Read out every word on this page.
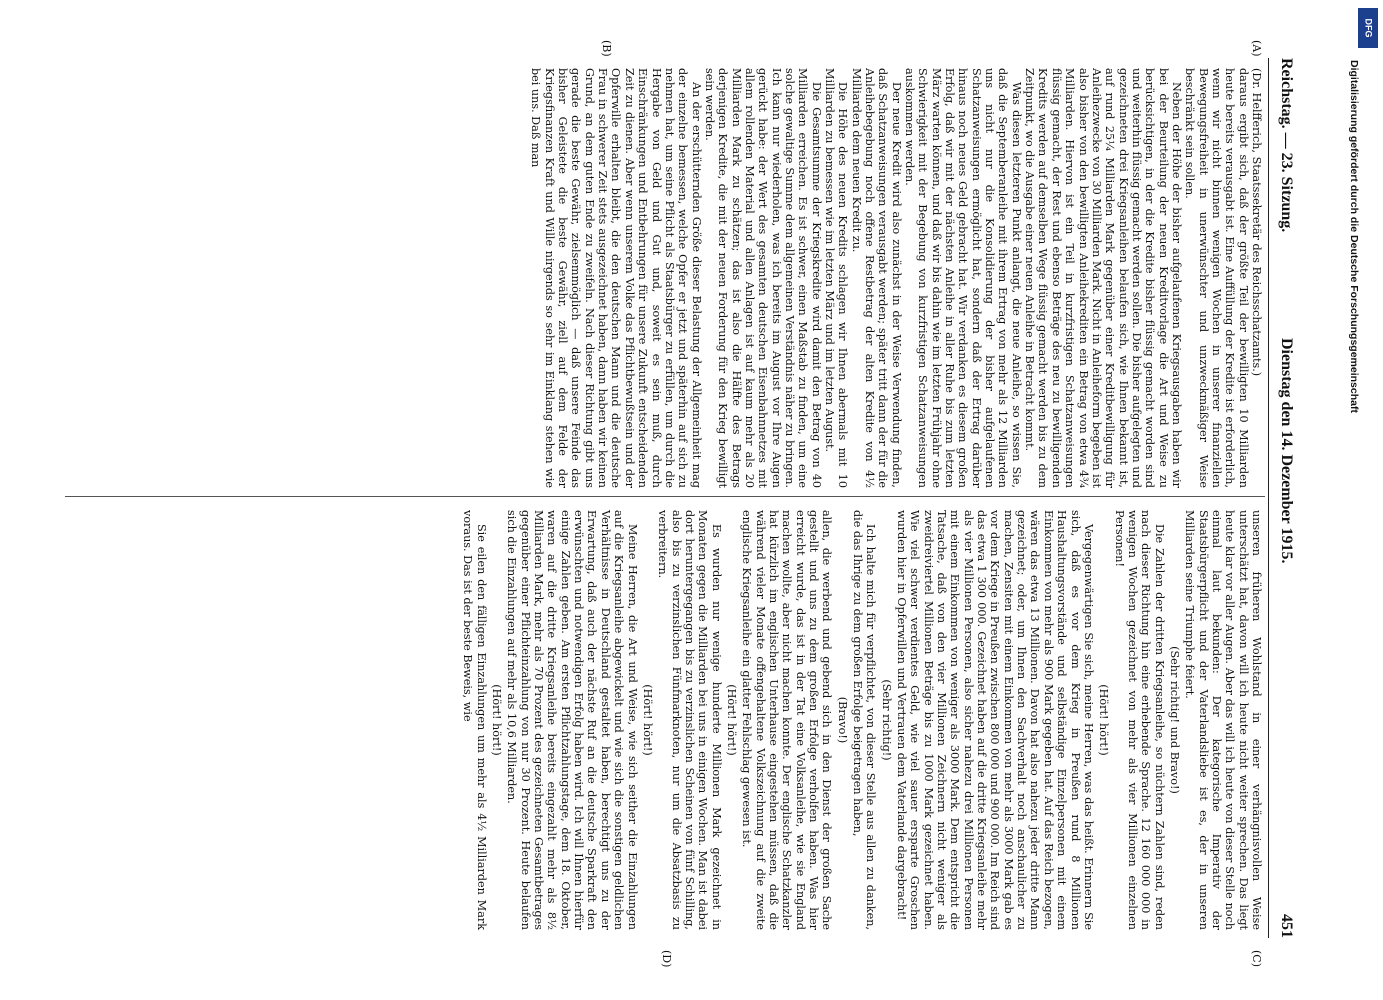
Reichstag. — 23. Sitzung.
Dienstag den 14. Dezember 1915.
451
(A)
(B)
(C)
(D)

(Dr. Helfferich, Staatssekretär des Reichsschatzamts.)

daraus ergibt sich, daß der größte Teil der bewilligten 10 Milliarden heute bereits verausgabt ist. Eine Auffüllung der Kredite ist erforderlich, wenn wir nicht binnen wenigen Wochen in unserer finanziellen Bewegungsfreiheit in unerwünschter und unzweckmäßiger Weise beschränkt sein sollen.

Neben der Höhe der bisher aufgelaufenen Kriegsausgaben haben wir bei der Beurteilung der neuen Kreditvorlage die Art und Weise zu berücksichtigen, in der die Kredite bisher flüssig gemacht worden sind und weiterhin flüssig gemacht werden sollen. Die bisher aufgelegten und gezeichneten drei Kriegsanleihen belaufen sich, wie Ihnen bekannt ist, auf rund 25¼ Milliarden Mark gegenüber einer Kreditbewilligung für Anleihezwecke von 30 Milliarden Mark. Nicht in Anleiheform begeben ist also bisher von den bewilligten Anleihekrediten ein Betrag von etwa 4¾ Milliarden. Hiervon ist ein Teil in kurzfristigen Schatzanweisungen flüssig gemacht, der Rest und ebenso Beträge des neu zu bewilligenden Kredits werden auf demselben Wege flüssig gemacht werden bis zu dem Zeitpunkt, wo die Ausgabe einer neuen Anleihe in Betracht kommt.

Was diesen letzteren Punkt anlangt, die neue Anleihe, so wissen Sie, daß die Septemberanleihe mit ihrem Ertrag von mehr als 12 Milliarden uns nicht nur die Konsolidierung der bisher aufgelaufenen Schatzanweisungen ermöglicht hat, sondern daß der Ertrag darüber hinaus noch neues Geld gebracht hat. Wir verdanken es diesem großen Erfolg, daß wir mit der nächsten Anleihe in aller Ruhe bis zum letzten März warten können, und daß wir bis dahin wie im letzten Frühjahr ohne Schwierigkeit mit der Begebung von kurzfristigen Schatzanweisungen auskommen werden.

Der neue Kredit wird also zunächst in der Weise Verwendung finden, daß Schatzanweisungen verausgabt werden; später tritt dann der für die Anleihebegebung noch offene Restbetrag der alten Kredite von 4½ Milliarden dem neuen Kredit zu.

Die Höhe des neuen Kredits schlagen wir Ihnen abermals mit 10 Milliarden zu bemessen wie im letzten März und im letzten August.

Die Gesamtsumme der Kriegskredite wird damit den Betrag von 40 Milliarden erreichen. Es ist schwer, einen Maßstab zu finden, um eine solche gewaltige Summe dem allgemeinen Verständnis näher zu bringen. Ich kann nur wiederholen, was ich bereits im August vor Ihre Augen gerückt habe: der Wert des gesamten deutschen Eisenbahnnetzes mit allem rollenden Material und allen Anlagen ist auf kaum mehr als 20 Milliarden Mark zu schätzen; das ist also die Hälfte des Betrags derjenigen Kredite, die mit der neuen Forderung für den Krieg bewilligt sein werden.

An der erschütternden Größe dieser Belastung der Allgemeinheit mag der einzelne bemessen, welche Opfer er jetzt und späterhin auf sich zu nehmen hat, um seine Pflicht als Staatsbürger zu erfüllen, um durch die Hergabe von Geld und Gut und, soweit es sein muß, durch Einschränkungen und Entbehrungen für unsere Zukunft entscheidenden Zeit zu dienen. Aber wenn unserem Volke das Pflichtbewußtsein und der Opferwille erhalten bleibt, die den deutschen Mann und die deutsche Frau in schwerer Zeit stets ausgezeichnet haben, dann haben wir keinen Grund, an dem guten Ende zu zweifeln. Nach dieser Richtung gibt uns gerade die beste Gewähr, zielsemmöglich — daß unsere Feinde das bisher Geleistete die beste Gewähr, ziell auf dem Felde der Kriegsfinanzen Kraft und Wille nirgends so sehr im Einklang stehen wie bei uns. Daß man

unseren früheren Wohlstand in einer verhängnisvollen Weise unterschätzt hat, davon will ich heute nicht weiter sprechen. Das liegt heute klar vor aller Augen. Aber das will ich heute von dieser Stelle noch einmal laut bekunden: Der kategorische Imperativ der Staatsbürgerpflicht und der Vaterlandsliebe ist es, der in unseren Milliarden seine Triumphe feiert.

(Sehr richtig! und Bravo!)

Die Zahlen der dritten Kriegsanleihe, so nüchtern Zahlen sind, reden nach dieser Richtung hin eine erhebende Sprache. 12 160 000 000 in wenigen Wochen gezeichnet von mehr als vier Millionen einzelnen Personen!

(Hört! hört!)

Vergegenwärtigen Sie sich, meine Herren, was das heißt. Erinnern Sie sich, daß es vor dem Krieg in Preußen rund 8 Millionen Haushaltungsvorstände und selbständige Einzelpersonen mit einem Einkommen von mehr als 900 Mark gegeben hat. Auf das Reich bezogen, wären das etwa 13 Millionen. Davon hat also nahezu jeder dritte Mann gezeichnet; oder, um Ihnen den Sachverhalt noch anschaulicher zu machen, Zensiten mit einem Einkommen von mehr als 3000 Mark gab es vor dem Kriege in Preußen zwischen 800 000 und 900 000. Im Reich sind das etwa 1 300 000. Gezeichnet haben auf die dritte Kriegsanleihe mehr als vier Millionen Personen, also sicher nahezu drei Millionen Personen mit einem Einkommen von weniger als 3000 Mark. Dem entspricht die Tatsache, daß von den vier Millionen Zeichnern nicht weniger als zweidreiviertel Millionen Beträge bis zu 1000 Mark gezeichnet haben. Wie viel schwer verdientes Geld, wie viel sauer ersparte Groschen wurden hier in Opferwillen und Vertrauen dem Vaterlande dargebracht!

(Sehr richtig!)

Ich halte mich für verpflichtet, von dieser Stelle aus allen zu danken, die das Ihrige zu dem großen Erfolge beigetragen haben,

(Bravo!)

allen, die werbend und gebend sich in den Dienst der großen Sache gestellt und uns zu dem großen Erfolge verholfen haben. Was hier erreicht wurde, das ist in der Tat eine Volksanleihe, wie sie England machen wollte, aber nicht machen konnte. Der englische Schatzkanzler hat kürzlich im englischen Unterhause eingestehen müssen, daß die während vieler Monate offengehaltene Volkszeichnung auf die zweite englische Kriegsanleihe ein glatter Fehlschlag gewesen ist.

(Hört! hört!)

Es wurden nur wenige hunderte Millionen Mark gezeichnet in Monaten gegen die Milliarden bei uns in einigen Wochen. Man ist dabei dort heruntergegangen bis zu verzinslichen Scheinen von fünf Schilling, also bis zu verzinslichen Fünfmarknoten, nur um die Absatzbasis zu verbreitern.

(Hört! hört!)

Meine Herren, die Art und Weise, wie sich seither die Einzahlungen auf die Kriegsanleihe abgewickelt und wie sich die sonstigen geldlichen Verhältnisse in Deutschland gestaltet haben, berechtigt uns zu der Erwartung, daß auch der nächste Ruf an die deutsche Sparkraft den erwünschten und notwendigen Erfolg haben wird. Ich will Ihnen hierfür einige Zahlen geben. Am ersten Pflichtzahlungstage, dem 18. Oktober, waren auf die dritte Kriegsanleihe bereits eingezahlt mehr als 8½ Milliarden Mark, mehr als 70 Prozent des gezeichneten Gesamtbetrages gegenüber einer Pflichteinzahlung von nur 30 Prozent. Heute belaufen sich die Einzahlungen auf mehr als 10,6 Milliarden.

(Hört! hört!)

Sie eilen den fälligen Einzahlungen um mehr als 4½ Milliarden Mark voraus. Das ist der beste Beweis, wie

Digitalisierung gefördert durch die Deutsche Forschungsgemeinschaft
DFG
